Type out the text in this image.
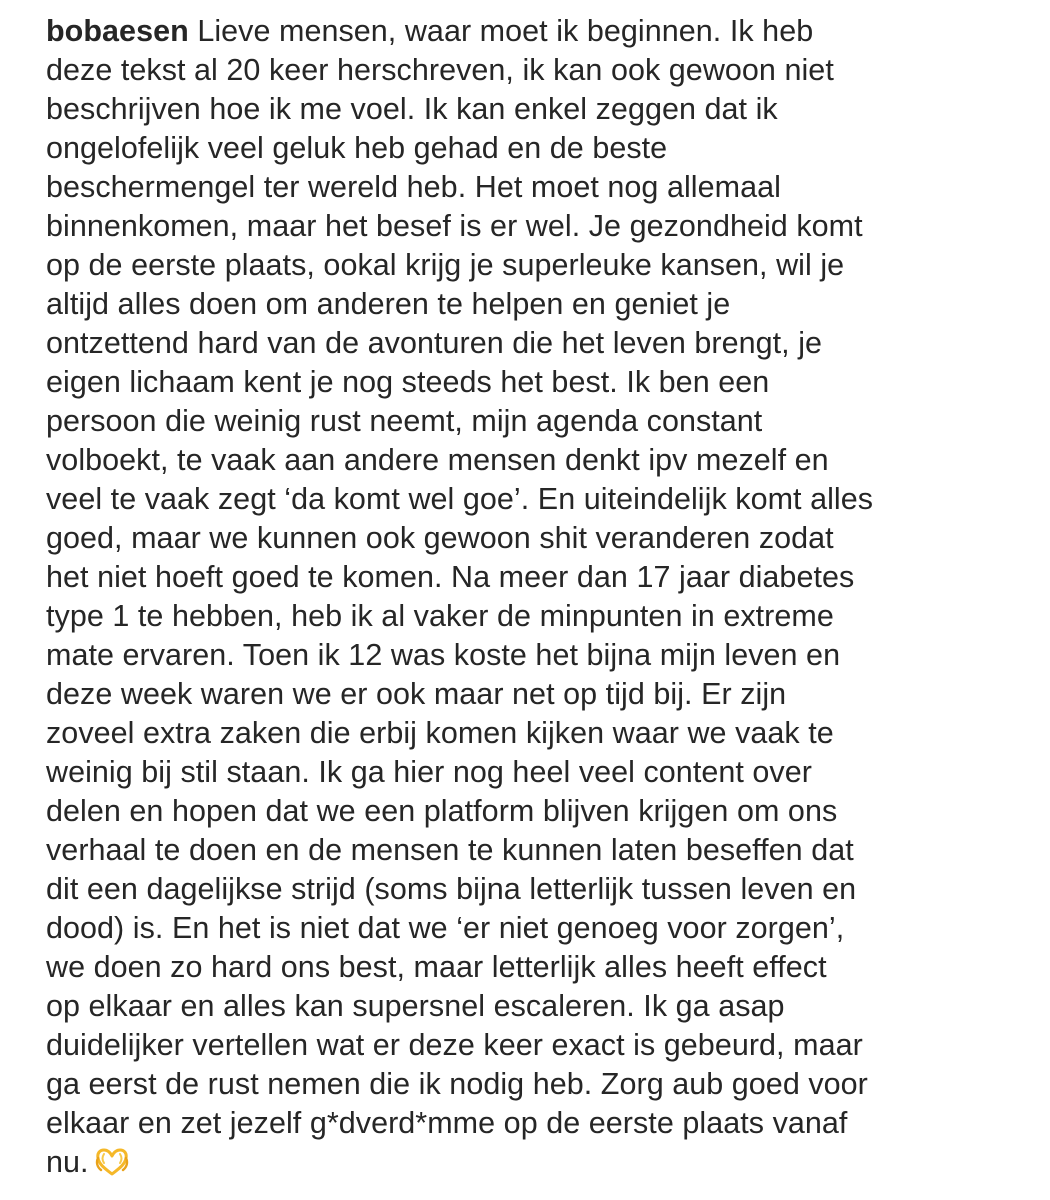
bobaesen Lieve mensen, waar moet ik beginnen. Ik heb
deze tekst al 20 keer herschreven, ik kan ook gewoon niet
beschrijven hoe ik me voel. Ik kan enkel zeggen dat ik
ongelofelijk veel geluk heb gehad en de beste
beschermengel ter wereld heb. Het moet nog allemaal
binnenkomen, maar het besef is er wel. Je gezondheid komt
op de eerste plaats, ookal krijg je superleuke kansen, wil je
altijd alles doen om anderen te helpen en geniet je
ontzettend hard van de avonturen die het leven brengt, je
eigen lichaam kent je nog steeds het best. Ik ben een
persoon die weinig rust neemt, mijn agenda constant
volboekt, te vaak aan andere mensen denkt ipv mezelf en
veel te vaak zegt ‘da komt wel goe’. En uiteindelijk komt alles
goed, maar we kunnen ook gewoon shit veranderen zodat
het niet hoeft goed te komen. Na meer dan 17 jaar diabetes
type 1 te hebben, heb ik al vaker de minpunten in extreme
mate ervaren. Toen ik 12 was koste het bijna mijn leven en
deze week waren we er ook maar net op tijd bij. Er zijn
zoveel extra zaken die erbij komen kijken waar we vaak te
weinig bij stil staan. Ik ga hier nog heel veel content over
delen en hopen dat we een platform blijven krijgen om ons
verhaal te doen en de mensen te kunnen laten beseffen dat
dit een dagelijkse strijd (soms bijna letterlijk tussen leven en
dood) is. En het is niet dat we ‘er niet genoeg voor zorgen’,
we doen zo hard ons best, maar letterlijk alles heeft effect
op elkaar en alles kan supersnel escaleren. Ik ga asap
duidelijker vertellen wat er deze keer exact is gebeurd, maar
ga eerst de rust nemen die ik nodig heb. Zorg aub goed voor
elkaar en zet jezelf g*dverd*mme op de eerste plaats vanaf
nu.
